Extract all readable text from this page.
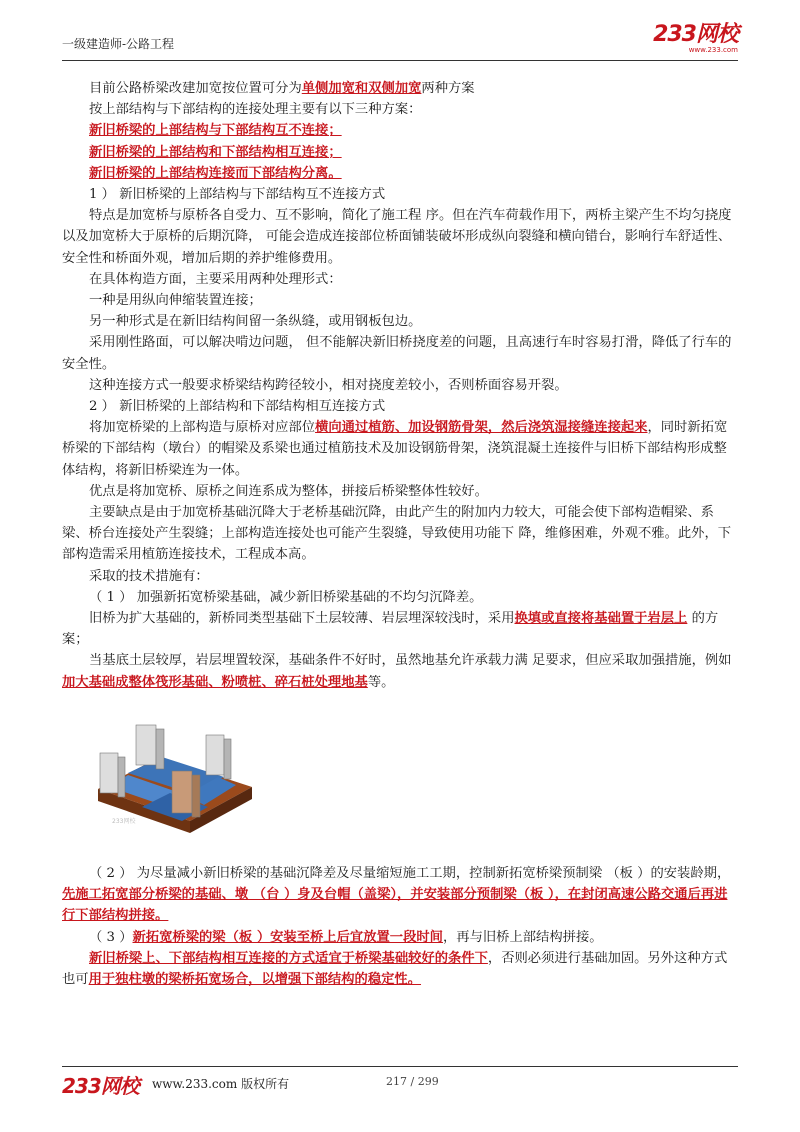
一级建造师-公路工程	233网校
www.233.com

目前公路桥梁改建加宽按位置可分为单侧加宽和双侧加宽两种方案

按上部结构与下部结构的连接处理主要有以下三种方案：

新旧桥梁的上部结构与下部结构互不连接；

新旧桥梁的上部结构和下部结构相互连接；

新旧桥梁的上部结构连接而下部结构分离。

1 ） 新旧桥梁的上部结构与下部结构互不连接方式

特点是加宽桥与原桥各自受力、互不影响，简化了施工程 序。但在汽车荷载作用下，两桥主梁产生不均匀挠度以及加宽桥大于原桥的后期沉降， 可能会造成连接部位桥面铺装破坏形成纵向裂缝和横向错台，影响行车舒适性、安全性和桥面外观，增加后期的养护维修费用。

在具体构造方面，主要采用两种处理形式：

一种是用纵向伸缩装置连接；

另一种形式是在新旧结构间留一条纵缝，或用钢板包边。

采用刚性路面，可以解决啃边问题， 但不能解决新旧桥挠度差的问题，且高速行车时容易打滑，降低了行车的安全性。

这种连接方式一般要求桥梁结构跨径较小，相对挠度差较小，否则桥面容易开裂。

2 ） 新旧桥梁的上部结构和下部结构相互连接方式

将加宽桥梁的上部构造与原桥对应部位横向通过植筋、加设钢筋骨架，然后浇筑湿接缝连接起来，同时新拓宽桥梁的下部结构（墩台）的帽梁及系梁也通过植筋技术及加设钢筋骨架，浇筑混凝土连接件与旧桥下部结构形成整体结构，将新旧桥梁连为一体。

优点是将加宽桥、原桥之间连系成为整体，拼接后桥梁整体性较好。

主要缺点是由于加宽桥基础沉降大于老桥基础沉降，由此产生的附加内力较大，可能会使下部构造帽梁、系梁、桥台连接处产生裂缝；上部构造连接处也可能产生裂缝，导致使用功能下 降，维修困难，外观不雅。此外，下部构造需采用植筋连接技术，工程成本高。

采取的技术措施有：

（ 1 ） 加强新拓宽桥梁基础，减少新旧桥梁基础的不均匀沉降差。

旧桥为扩大基础的，新桥同类型基础下土层较薄、岩层埋深较浅时，采用换填或直接将基础置于岩层上 的方案；

当基底土层较厚，岩层埋置较深，基础条件不好时，虽然地基允许承载力满 足要求，但应采取加强措施，例如加大基础成整体筏形基础、粉喷桩、碎石桩处理地基等。

233网校

（ 2 ） 为尽量减小新旧桥梁的基础沉降差及尽量缩短施工工期，控制新拓宽桥梁预制梁 （板 ）的安装龄期，先施工拓宽部分桥梁的基础、墩 （台 ）身及台帽（盖梁），并安装部分预制梁（板 ），在封闭高速公路交通后再进行下部结构拼接。

（ 3 ）新拓宽桥梁的梁（板 ）安装至桥上后宜放置一段时间，再与旧桥上部结构拼接。

新旧桥梁上、下部结构相互连接的方式适宜于桥梁基础较好的条件下，否则必须进行基础加固。另外这种方式也可用于独柱墩的梁桥拓宽场合，以增强下部结构的稳定性。

233网校 www.233.com 版权所有	217 / 299
